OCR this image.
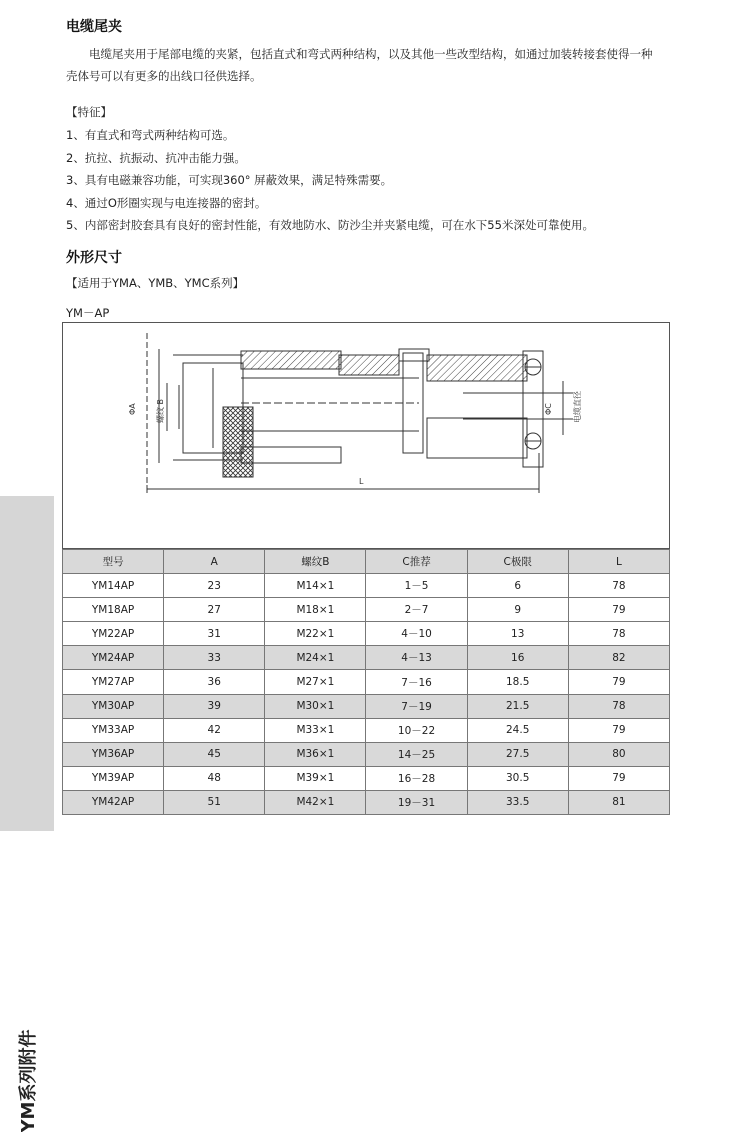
YM系列附件
电缆尾夹
电缆尾夹用于尾部电缆的夹紧，包括直式和弯式两种结构，以及其他一些改型结构，如通过加装转接套使得一种
壳体号可以有更多的出线口径供选择。
【特征】
1、有直式和弯式两种结构可选。
2、抗拉、抗振动、抗冲击能力强。
3、具有电磁兼容功能，可实现360° 屏蔽效果，满足特殊需要。
4、通过O形圈实现与电连接器的密封。
5、内部密封胶套具有良好的密封性能，有效地防水、防沙尘并夹紧电缆，可在水下55米深处可靠使用。
外形尺寸
【适用于YMA、YMB、YMC系列】
YM－AP
ΦA 螺纹 B	ΦC	电缆直径
L
型号	A	螺纹B	C推荐	C极限	L
YM14AP	23	M14×1	1－5	6	78
YM18AP	27	M18×1	2－7	9	79
YM22AP	31	M22×1	4－10	13	78
YM24AP	33	M24×1	4－13	16	82
YM27AP	36	M27×1	7－16	18.5	79
YM30AP	39	M30×1	7－19	21.5	78
YM33AP	42	M33×1	10－22	24.5	79
YM36AP	45	M36×1	14－25	27.5	80
YM39AP	48	M39×1	16－28	30.5	79
YM42AP	51	M42×1	19－31	33.5	81
